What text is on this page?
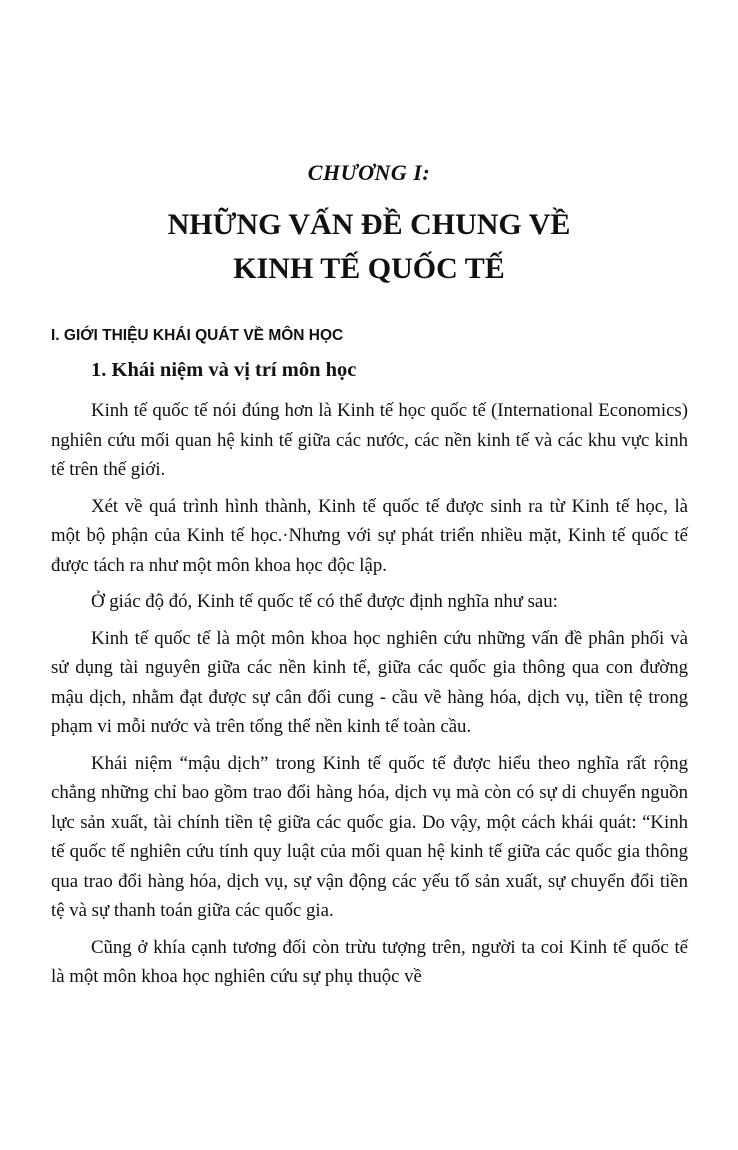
CHƯƠNG I:
NHỮNG VẤN ĐỀ CHUNG VỀ
KINH TẾ QUỐC TẾ
I. GIỚI THIỆU KHÁI QUÁT VỀ MÔN HỌC
1. Khái niệm và vị trí môn học

Kinh tế quốc tế nói đúng hơn là Kinh tế học quốc tế (International Economics) nghiên cứu mối quan hệ kinh tế giữa các nước, các nền kinh tế và các khu vực kinh tế trên thế giới.

Xét về quá trình hình thành, Kinh tế quốc tế được sinh ra từ Kinh tế học, là một bộ phận của Kinh tế học.·Nhưng với sự phát triển nhiều mặt, Kinh tế quốc tế được tách ra như một môn khoa học độc lập.

Ở giác độ đó, Kinh tế quốc tế có thể được định nghĩa như sau:

Kinh tế quốc tế là một môn khoa học nghiên cứu những vấn đề phân phối và sử dụng tài nguyên giữa các nền kinh tế, giữa các quốc gia thông qua con đường mậu dịch, nhằm đạt được sự cân đối cung - cầu về hàng hóa, dịch vụ, tiền tệ trong phạm vi mỗi nước và trên tổng thể nền kinh tế toàn cầu.

Khái niệm “mậu dịch” trong Kinh tế quốc tế được hiểu theo nghĩa rất rộng chẳng những chỉ bao gồm trao đổi hàng hóa, dịch vụ mà còn có sự di chuyển nguồn lực sản xuất, tài chính tiền tệ giữa các quốc gia. Do vậy, một cách khái quát: “Kinh tế quốc tế nghiên cứu tính quy luật của mối quan hệ kinh tế giữa các quốc gia thông qua trao đổi hàng hóa, dịch vụ, sự vận động các yếu tố sản xuất, sự chuyển đổi tiền tệ và sự thanh toán giữa các quốc gia.

Cũng ở khía cạnh tương đối còn trừu tượng trên, người ta coi Kinh tế quốc tế là một môn khoa học nghiên cứu sự phụ thuộc về
